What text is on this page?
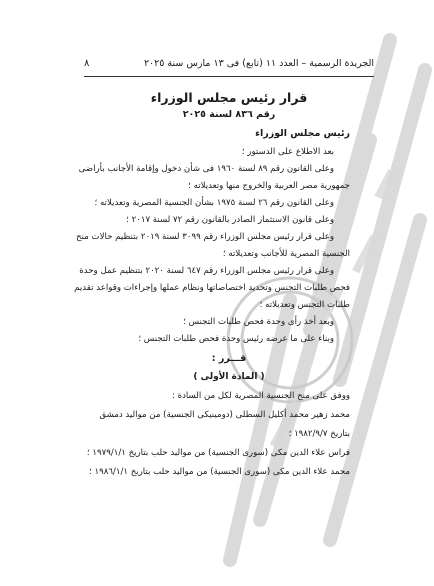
الجريدة الرسمية – العدد ١١ (تابع) فى ١٣ مارس سنة ٢٠٢٥
٨
قرار رئيس مجلس الوزراء
رقم ٨٣٦ لسنة ٢٠٢٥
رئيس مجلس الوزراء
بعد الاطلاع على الدستور ؛
وعلى القانون رقم ٨٩ لسنة ١٩٦٠ فى شأن دخول وإقامة الأجانب بأراضى
جمهورية مصر العربية والخروج منها وتعديلاته ؛
وعلى القانون رقم ٢٦ لسنة ١٩٧٥ بشأن الجنسية المصرية وتعديلاته ؛
وعلى قانون الاستثمار الصادر بالقانون رقم ٧٢ لسنة ٢٠١٧ ؛
وعلى قرار رئيس مجلس الوزراء رقم ٣٠٩٩ لسنة ٢٠١٩ بتنظيم حالات منح
الجنسية المصرية للأجانب وتعديلاته ؛
وعلى قرار رئيس مجلس الوزراء رقم ٦٤٧ لسنة ٢٠٢٠ بتنظيم عمل وحدة
فحص طلبات التجنس وتحديد اختصاصاتها ونظام عملها وإجراءات وقواعد تقديم
طلبات التجنس وتعديلاته ؛
وبعد أخذ رأى وحدة فحص طلبات التجنس ؛
وبناء على ما عرضه رئيس وحدة فحص طلبات التجنس ؛
قـــرر :
( المادة الأولى )
ووفق على منح الجنسية المصرية لكل من السادة :
محمد زهير محمد أكليل السطلى (دومينيكى الجنسية) من مواليد دمشق
بتاريخ ١٩٨٢/٩/٧ ؛
فراس علاء الدين مكى (سورى الجنسية) من مواليد حلب بتاريخ ١٩٧٩/١/١ ؛
محمد علاء الدين مكى (سورى الجنسية) من مواليد حلب بتاريخ ١٩٨٦/١/١ ؛
